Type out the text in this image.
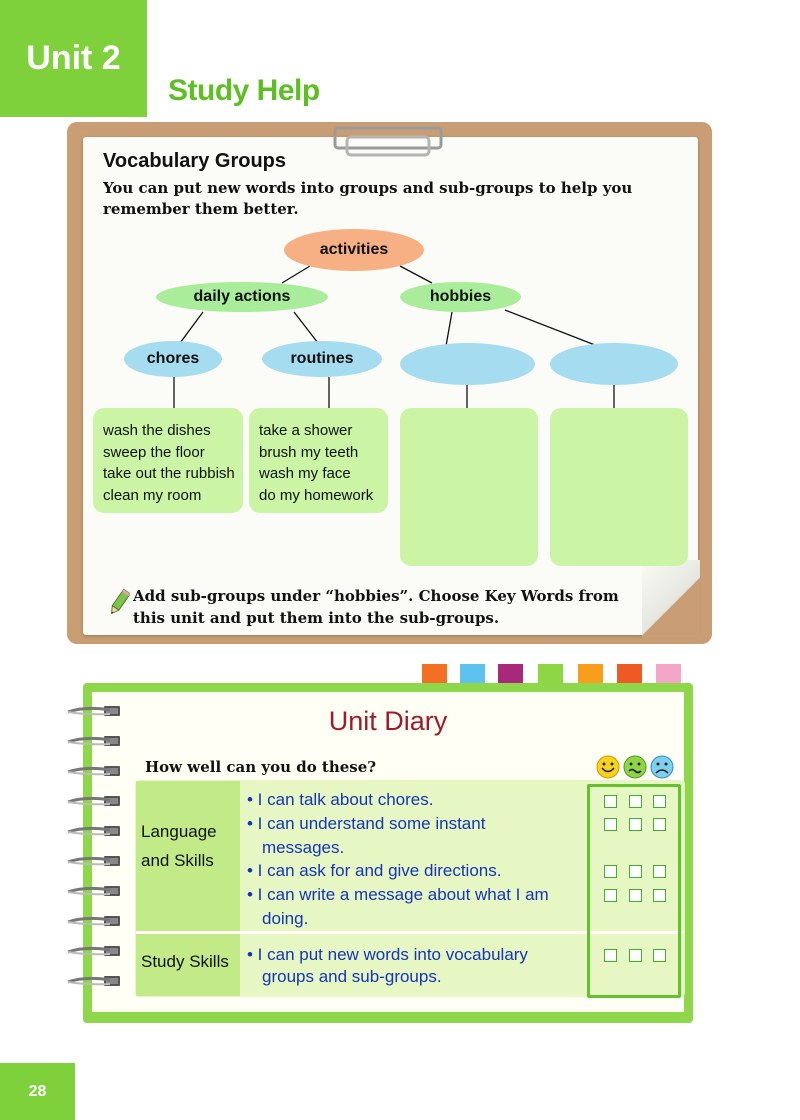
Unit 2
Study Help
Vocabulary Groups
You can put new words into groups and sub-groups to help you remember them better.
activities
daily actions	hobbies
chores	routines
wash the dishes
sweep the floor
take out the rubbish
clean my room
take a shower
brush my teeth
wash my face
do my homework
Add sub-groups under “hobbies”. Choose Key Words from this unit and put them into the sub-groups.
Unit Diary
How well can you do these?
Language
and Skills
Study Skills
• I can talk about chores.
• I can understand some instant
messages.
• I can ask for and give directions.
• I can write a message about what I am
doing.
• I can put new words into vocabulary
groups and sub-groups.
28
